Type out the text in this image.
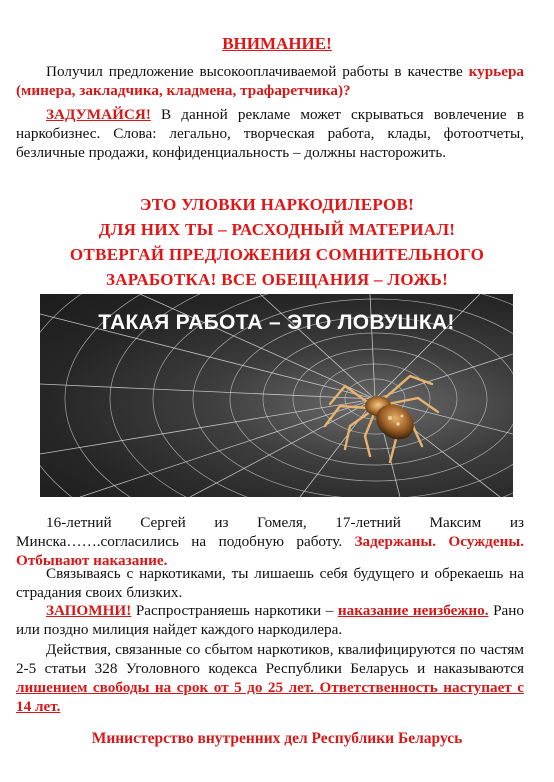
ВНИМАНИЕ!
Получил предложение высокооплачиваемой работы в качестве курьера (минера, закладчика, кладмена, трафаретчика)?
ЗАДУМАЙСЯ! В данной рекламе может скрываться вовлечение в наркобизнес. Слова: легально, творческая работа, клады, фотоотчеты, безличные продажи, конфиденциальность – должны насторожить.
ЭТО УЛОВКИ НАРКОДИЛЕРОВ!
ДЛЯ НИХ ТЫ – РАСХОДНЫЙ МАТЕРИАЛ!
ОТВЕРГАЙ ПРЕДЛОЖЕНИЯ СОМНИТЕЛЬНОГО
ЗАРАБОТКА! ВСЕ ОБЕЩАНИЯ – ЛОЖЬ!
ТАКАЯ РАБОТА – ЭТО ЛОВУШКА!
16-летний Сергей из Гомеля, 17-летний Максим из Минска…….согласились на подобную работу. Задержаны. Осуждены. Отбывают наказание.
Связываясь с наркотиками, ты лишаешь себя будущего и обрекаешь на страдания своих близких.
ЗАПОМНИ! Распространяешь наркотики – наказание неизбежно. Рано или поздно милиция найдет каждого наркодилера.
Действия, связанные со сбытом наркотиков, квалифицируются по частям 2-5 статьи 328 Уголовного кодекса Республики Беларусь и наказываются лишением свободы на срок от 5 до 25 лет. Ответственность наступает с 14 лет.
Министерство внутренних дел Республики Беларусь
